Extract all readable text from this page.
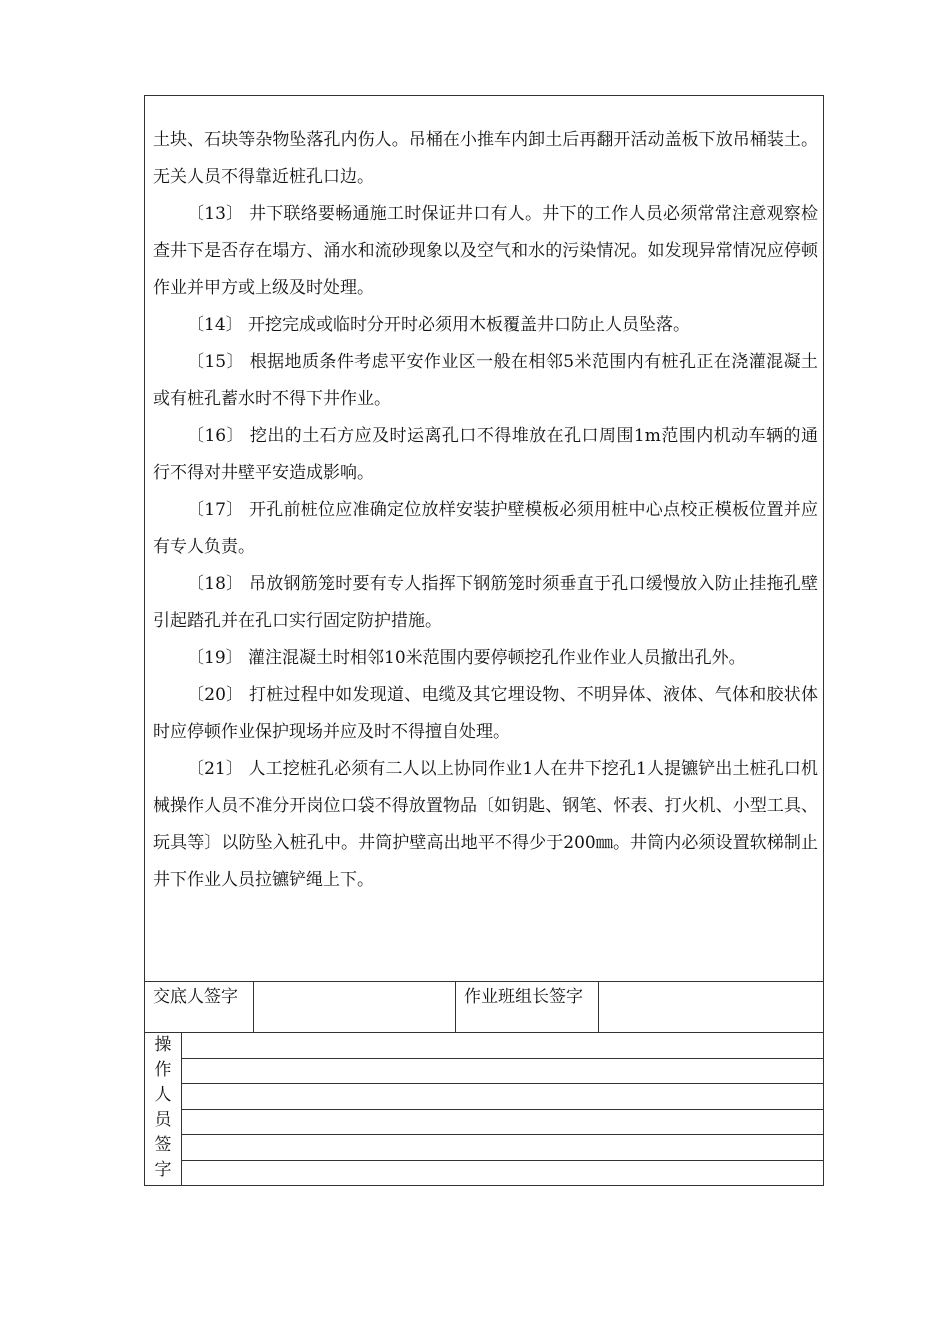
土块、石块等杂物坠落孔内伤人。吊桶在小推车内卸土后再翻开活动盖板下放吊桶装土。无关人员不得靠近桩孔口边。

〔13〕 井下联络要畅通施工时保证井口有人。井下的工作人员必须常常注意观察检查井下是否存在塌方、涌水和流砂现象以及空气和水的污染情况。如发现异常情况应停顿作业并甲方或上级及时处理。

〔14〕 开挖完成或临时分开时必须用木板覆盖井口防止人员坠落。

〔15〕 根据地质条件考虑平安作业区一般在相邻5米范围内有桩孔正在浇灌混凝土或有桩孔蓄水时不得下井作业。

〔16〕 挖出的土石方应及时运离孔口不得堆放在孔口周围1m范围内机动车辆的通行不得对井壁平安造成影响。

〔17〕 开孔前桩位应准确定位放样安装护壁模板必须用桩中心点校正模板位置并应有专人负责。

〔18〕 吊放钢筋笼时要有专人指挥下钢筋笼时须垂直于孔口缓慢放入防止挂拖孔壁引起踏孔并在孔口实行固定防护措施。

〔19〕 灌注混凝土时相邻10米范围内要停顿挖孔作业作业人员撤出孔外。

〔20〕 打桩过程中如发现道、电缆及其它埋设物、不明异体、液体、气体和胶状体时应停顿作业保护现场并应及时不得擅自处理。

〔21〕 人工挖桩孔必须有二人以上协同作业1人在井下挖孔1人提镳铲出土桩孔口机械操作人员不准分开岗位口袋不得放置物品〔如钥匙、钢笔、怀表、打火机、小型工具、玩具等〕以防坠入桩孔中。井筒护壁高出地平不得少于200㎜。井筒内必须设置软梯制止井下作业人员拉镳铲绳上下。

交底人签字	作业班组长签字
操
作
人
员
签
字
